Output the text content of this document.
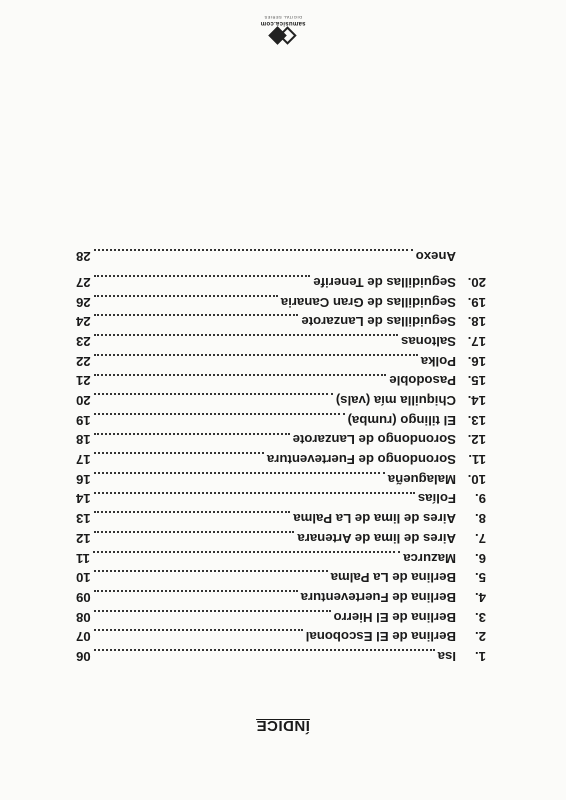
ÍNDICE
1.
Isa
06
2.
Berlina de El Escobonal
07
3.
Berlina de El Hierro
08
4.
Berlina de Fuerteventura
09
5.
Berlina de La Palma
10
6.
Mazurca
11
7.
Aires de lima de Artenara
12
8.
Aires de lima de La Palma
13
9.
Folías
14
10.
Malagueña
16
11.
Sorondongo de Fuerteventura
17
12.
Sorondongo de Lanzarote
18
13.
El tilingo (rumba)
19
14.
Chiquilla mía (vals)
20
15.
Pasodoble
21
16.
Polka
22
17.
Saltonas
23
18.
Seguidillas de Lanzarote
24
19.
Seguidillas de Gran Canaria
26
20.
Seguidillas de Tenerife
27
Anexo
28
samusica.com
DIGITAL SERIES
